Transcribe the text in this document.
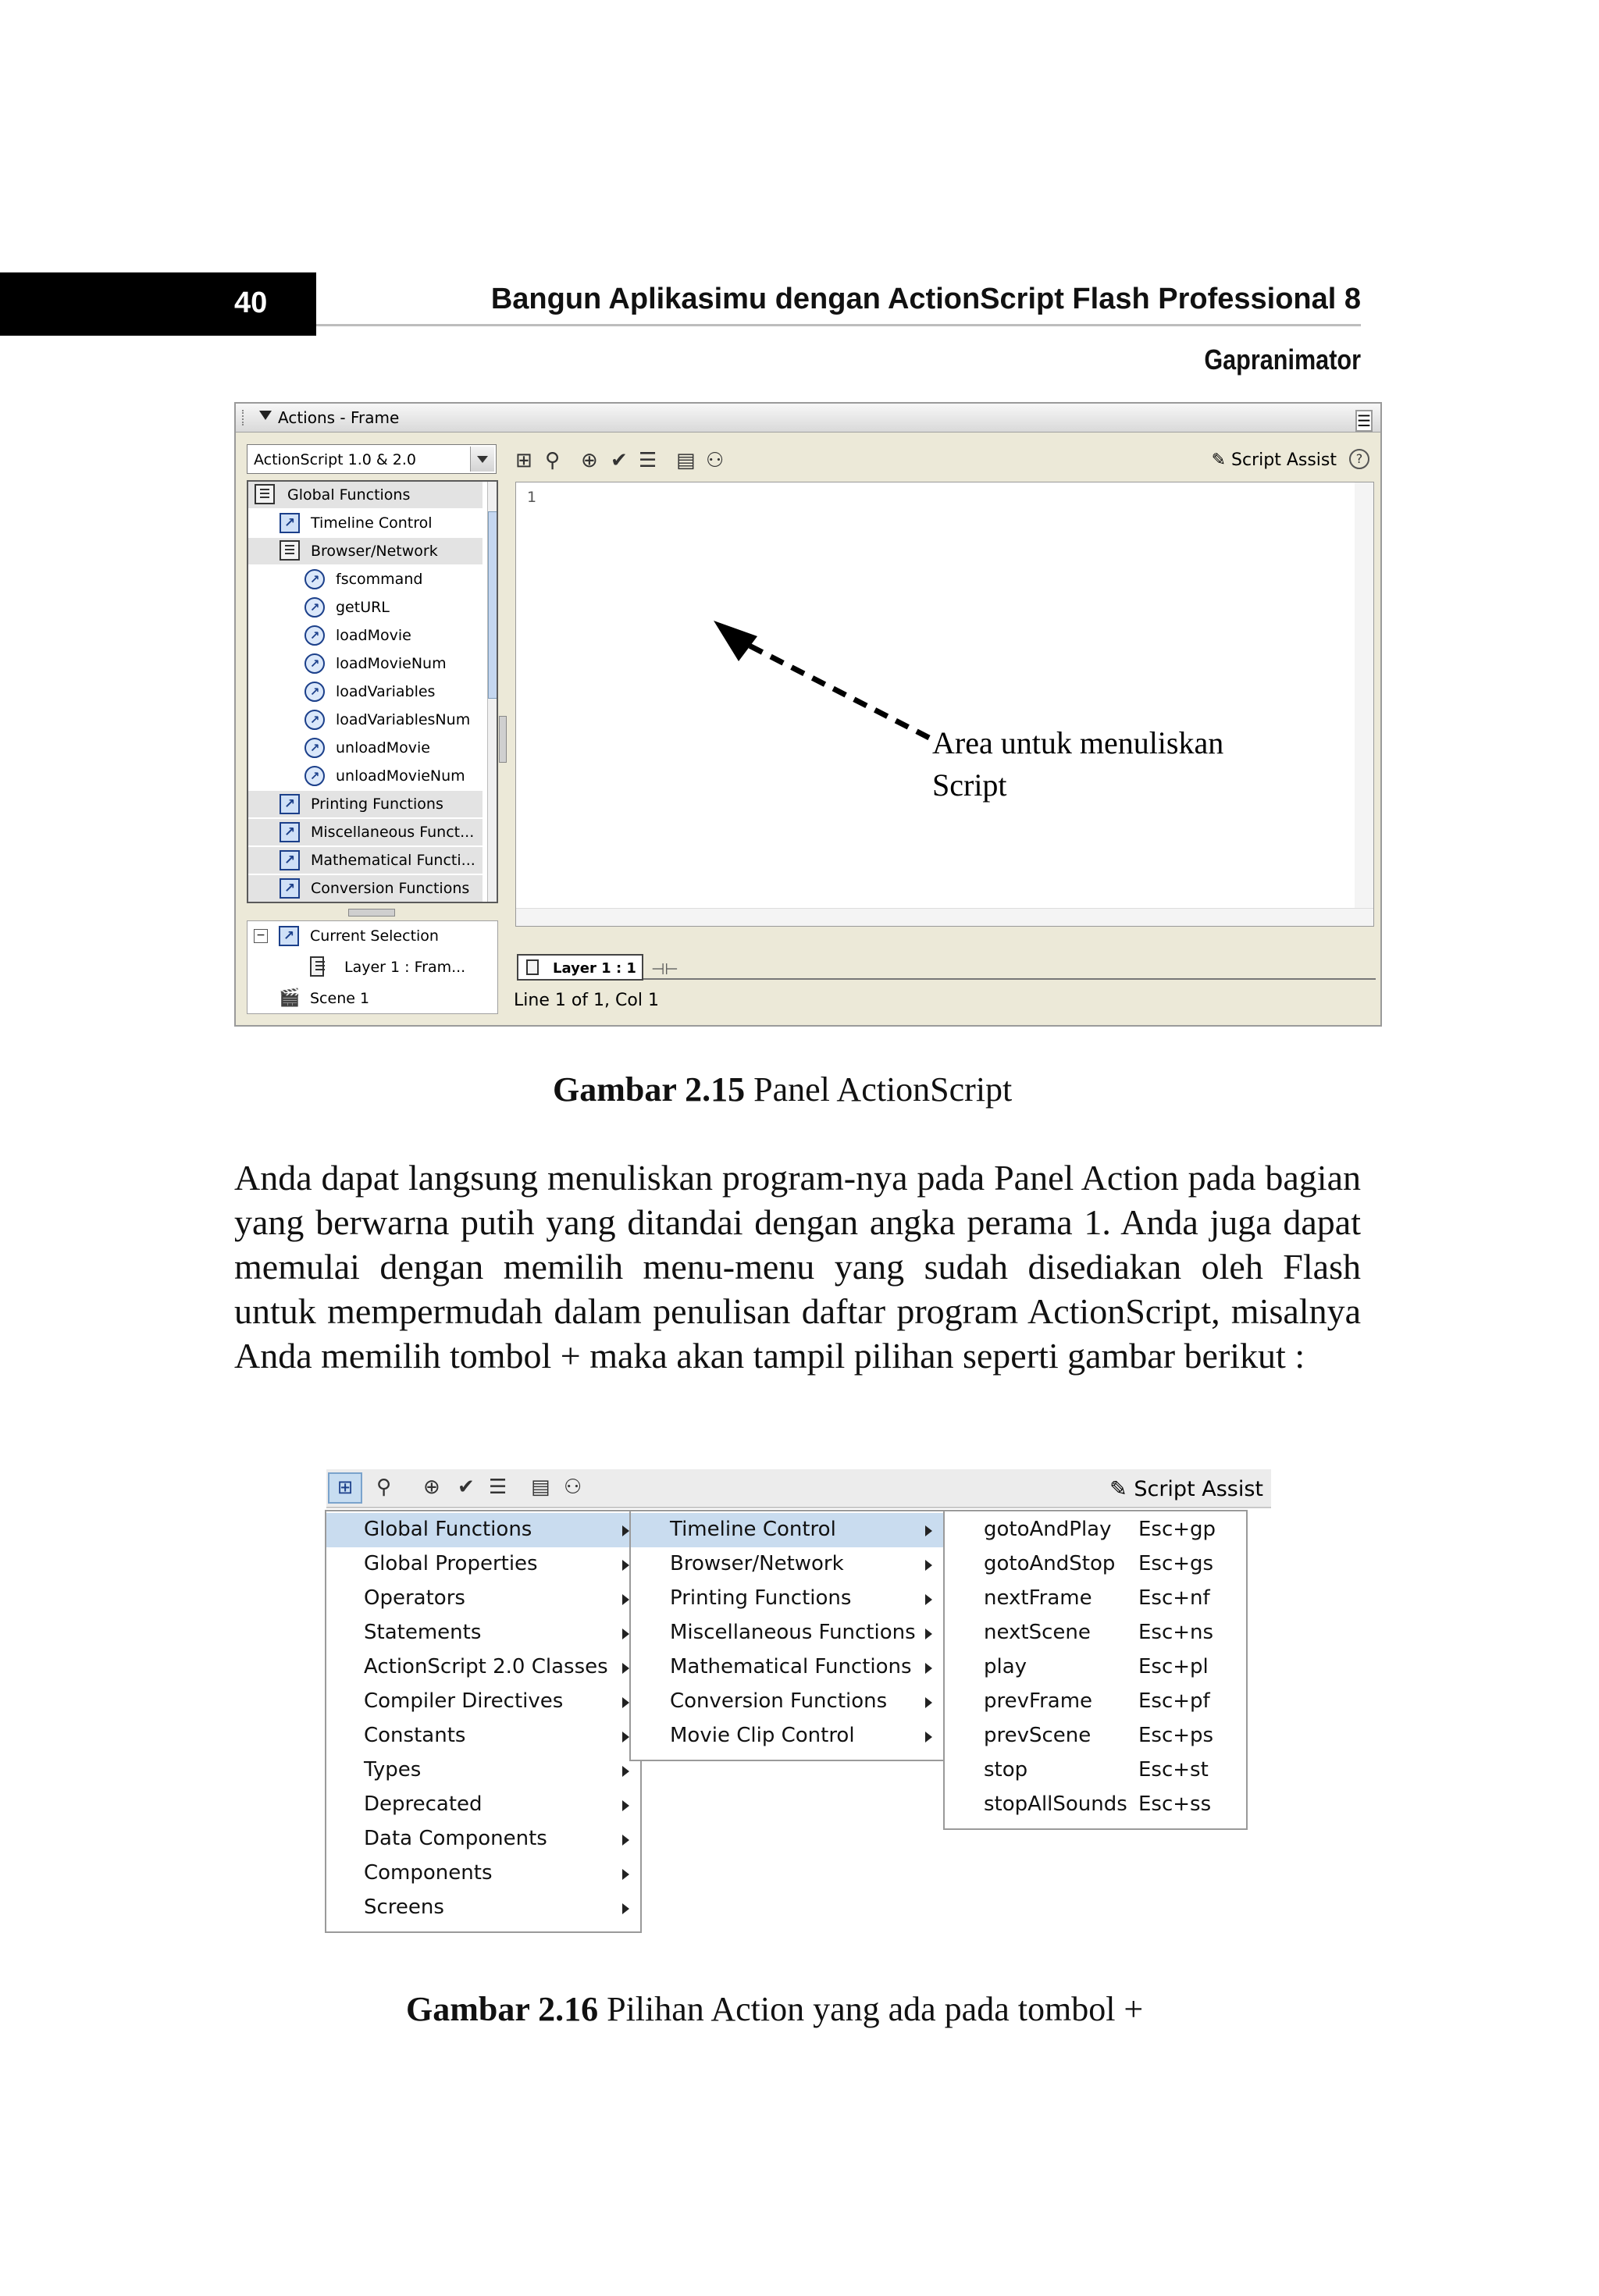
40	Bangun Aplikasimu dengan ActionScript Flash Professional 8
Gapranimator
Actions - Frame	☰
ActionScript 1.0 & 2.0
Global Functions
↗	Timeline Control
Browser/Network
↗	fscommand
↗	getURL
↗	loadMovie
↗	loadMovieNum
↗	loadVariables
↗	loadVariablesNum
↗	unloadMovie
↗	unloadMovieNum
↗	Printing Functions
↗	Miscellaneous Funct...
↗	Mathematical Functi...
↗	Conversion Functions
−	↗	Current Selection
Layer 1 : Fram...
🎬 Scene 1
⊞ ⚲ ⊕ ✔ ☰ ▤ ⚇	✎ Script Assist	?
1
Area untuk menuliskan Script
Layer 1 : 1 ⊣⊢
Line 1 of 1, Col 1
Gambar 2.15 Panel ActionScript
Anda dapat langsung menuliskan program-nya pada Panel Action pada bagian yang berwarna putih yang ditandai dengan angka perama 1. Anda juga dapat memulai dengan memilih menu-menu yang sudah disediakan oleh Flash untuk mempermudah dalam penulisan daftar program ActionScript, misalnya Anda memilih tombol + maka akan tampil pilihan seperti gambar berikut :
⊞	⚲ ⊕ ✔ ☰ ▤ ⚇	✎ Script Assist
Global Functions
Global Properties
Operators
Statements
ActionScript 2.0 Classes
Compiler Directives
Constants
Types
Deprecated
Data Components
Components
Screens
Timeline Control
Browser/Network
Printing Functions
Miscellaneous Functions
Mathematical Functions
Conversion Functions
Movie Clip Control
gotoAndPlay Esc+gp
gotoAndStop Esc+gs
nextFrame Esc+nf
nextScene Esc+ns
play	Esc+pl
prevFrame Esc+pf
prevScene Esc+ps
stop	Esc+st
stopAllSounds Esc+ss
Gambar 2.16 Pilihan Action yang ada pada tombol +
